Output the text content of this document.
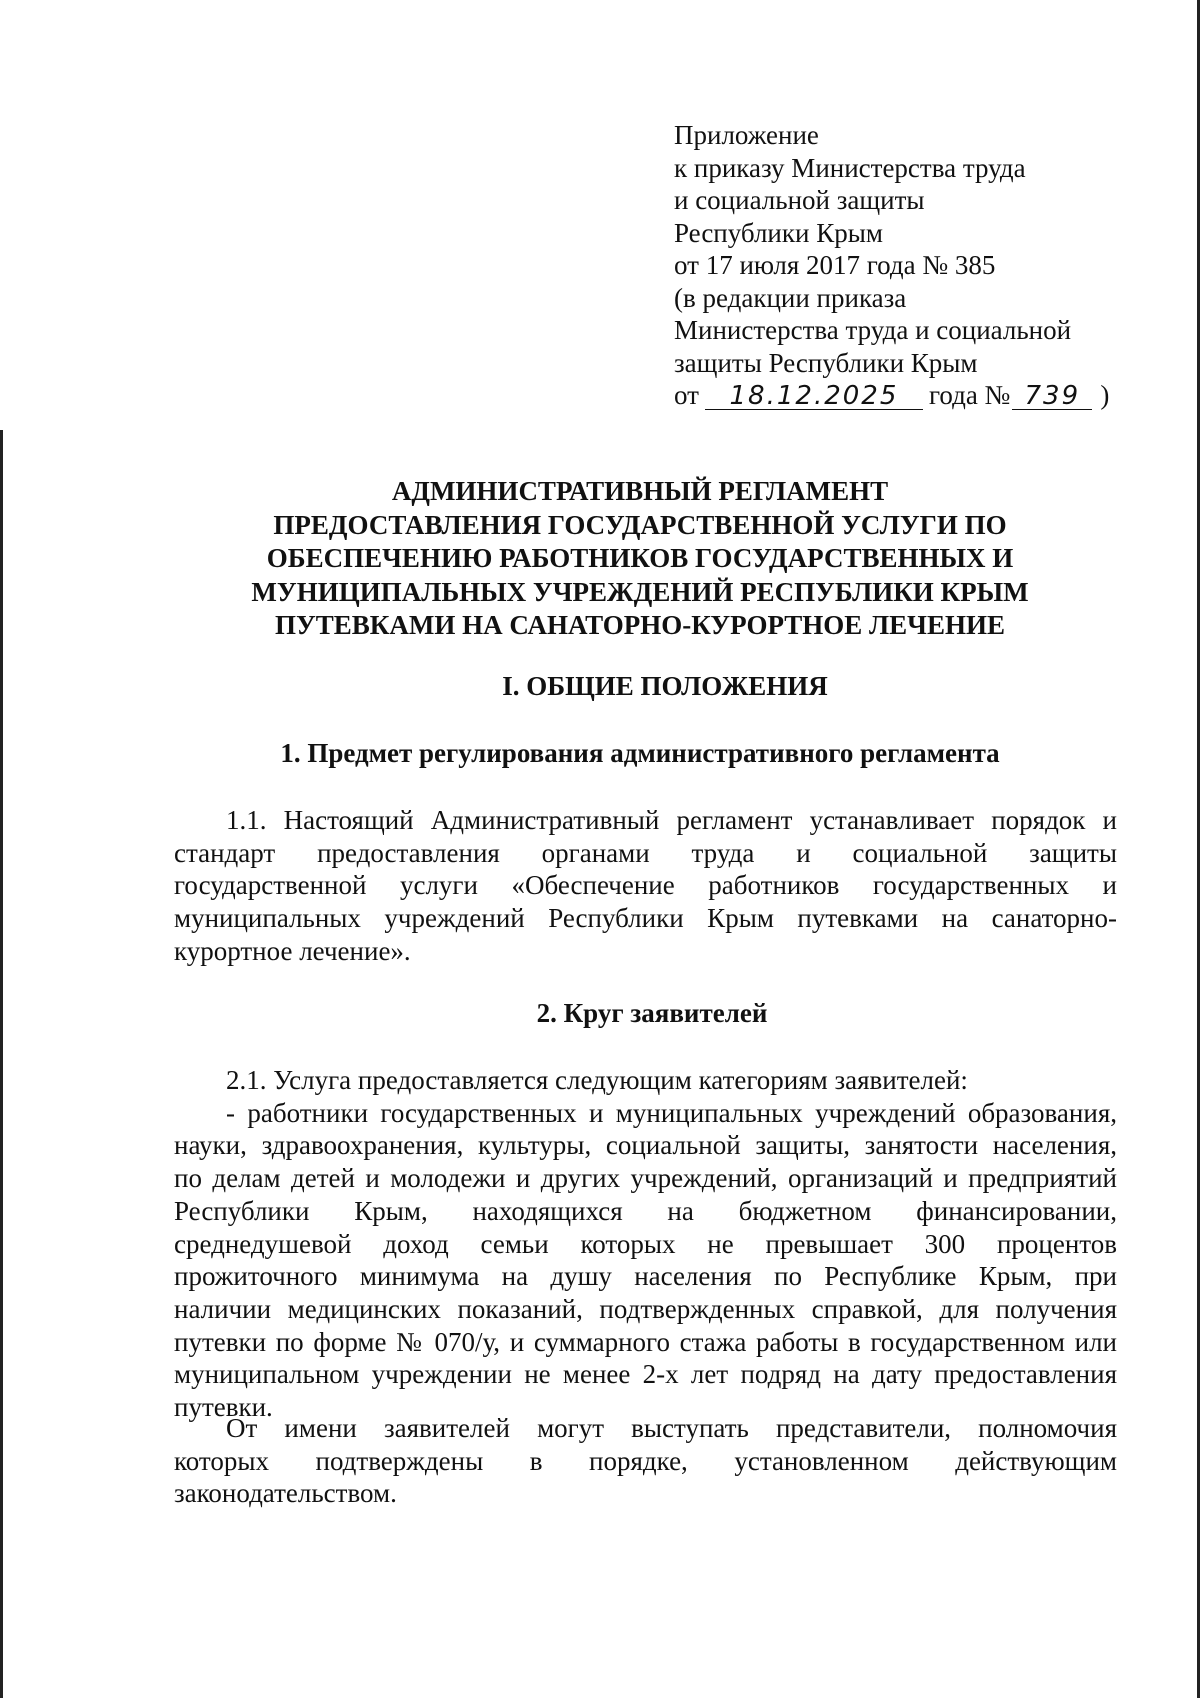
Приложение
к приказу Министерства труда
и социальной защиты
Республики Крым
от 17 июля 2017 года № 385
(в редакции приказа
Министерства труда и социальной
защиты Республики Крым
от 18.12.2025 года № 739 )
АДМИНИСТРАТИВНЫЙ РЕГЛАМЕНТ
ПРЕДОСТАВЛЕНИЯ ГОСУДАРСТВЕННОЙ УСЛУГИ ПО
ОБЕСПЕЧЕНИЮ РАБОТНИКОВ ГОСУДАРСТВЕННЫХ И
МУНИЦИПАЛЬНЫХ УЧРЕЖДЕНИЙ РЕСПУБЛИКИ КРЫМ
ПУТЕВКАМИ НА САНАТОРНО-КУРОРТНОЕ ЛЕЧЕНИЕ
I. ОБЩИЕ ПОЛОЖЕНИЯ
1. Предмет регулирования административного регламента
1.1. Настоящий Административный регламент устанавливает порядок и
стандарт предоставления органами труда и социальной защиты
государственной услуги «Обеспечение работников государственных и
муниципальных учреждений Республики Крым путевками на санаторно-
курортное лечение».
2. Круг заявителей
2.1. Услуга предоставляется следующим категориям заявителей:
- работники государственных и муниципальных учреждений образования,
науки, здравоохранения, культуры, социальной защиты, занятости населения,
по делам детей и молодежи и других учреждений, организаций и предприятий
Республики Крым, находящихся на бюджетном финансировании,
среднедушевой доход семьи которых не превышает 300 процентов
прожиточного минимума на душу населения по Республике Крым, при
наличии медицинских показаний, подтвержденных справкой, для получения
путевки по форме № 070/у, и суммарного стажа работы в государственном или
муниципальном учреждении не менее 2-х лет подряд на дату предоставления
путевки.
От имени заявителей могут выступать представители, полномочия
которых подтверждены в порядке, установленном действующим
законодательством.
